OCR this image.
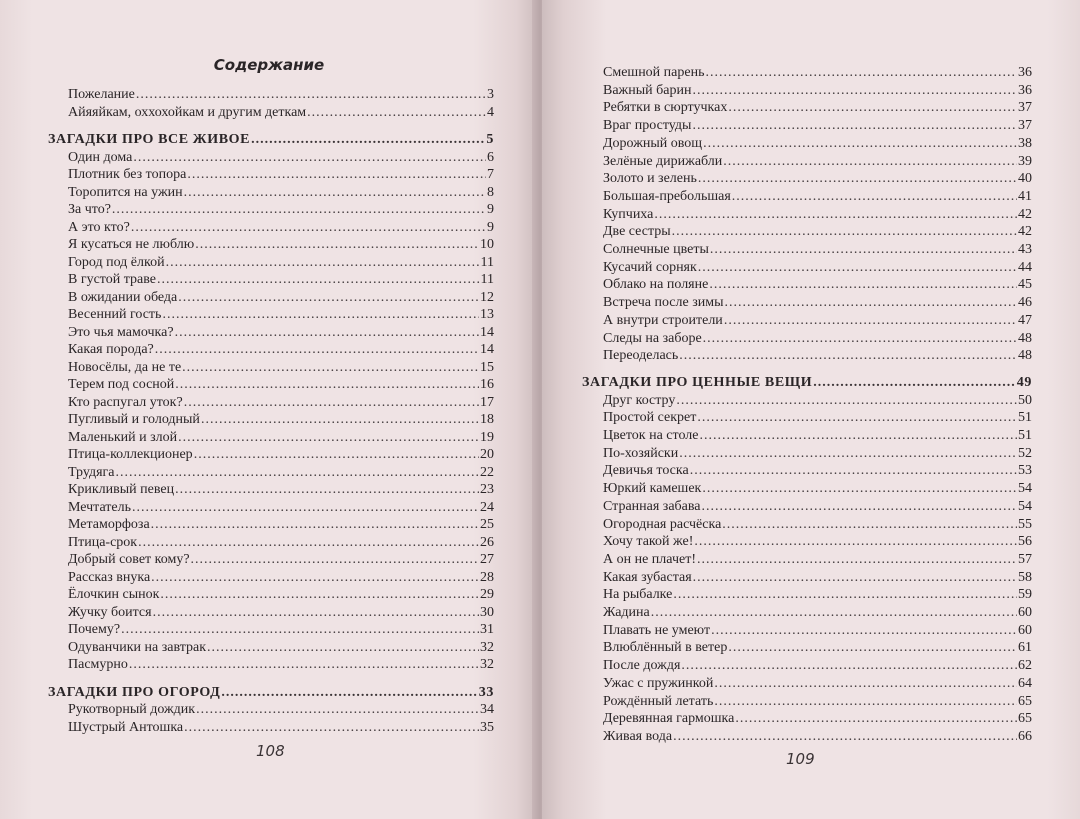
Содержание
Пожелание .....	3
Айяяйкам, оххохойкам и другим деткам .....	4
ЗАГАДКИ ПРО ВСЕ ЖИВОЕ .....	5
Один дома .....	6
Плотник без топора .....	7
Торопится на ужин .....	8
За что? .....	9
А это кто? .....	9
Я кусаться не люблю .....	10
Город под ёлкой .....	11
В густой траве .....	11
В ожидании обеда .....	12
Весенний гость .....	13
Это чья мамочка? .....	14
Какая порода? .....	14
Новосёлы, да не те .....	15
Терем под сосной .....	16
Кто распугал уток? .....	17
Пугливый и голодный .....	18
Маленький и злой .....	19
Птица-коллекционер .....	20
Трудяга .....	22
Крикливый певец .....	23
Мечтатель .....	24
Метаморфоза .....	25
Птица-срок .....	26
Добрый совет кому? .....	27
Рассказ внука .....	28
Ёлочкин сынок .....	29
Жучку боится .....	30
Почему? .....	31
Одуванчики на завтрак .....	32
Пасмурно .....	32
ЗАГАДКИ ПРО ОГОРОД .....	33
Рукотворный дождик .....	34
Шустрый Антошка .....	35
108
Смешной парень .....	36
Важный барин .....	36
Ребятки в сюртучках .....	37
Враг простуды .....	37
Дорожный овощ .....	38
Зелёные дирижабли .....	39
Золото и зелень .....	40
Большая-пребольшая .....	41
Купчиха .....	42
Две сестры .....	42
Солнечные цветы .....	43
Кусачий сорняк .....	44
Облако на поляне .....	45
Встреча после зимы .....	46
А внутри строители .....	47
Следы на заборе .....	48
Переоделась .....	48
ЗАГАДКИ ПРО ЦЕННЫЕ ВЕЩИ .....	49
Друг костру .....	50
Простой секрет .....	51
Цветок на столе .....	51
По-хозяйски .....	52
Девичья тоска .....	53
Юркий камешек .....	54
Странная забава .....	54
Огородная расчёска .....	55
Хочу такой же! .....	56
А он не плачет! .....	57
Какая зубастая .....	58
На рыбалке .....	59
Жадина .....	60
Плавать не умеют .....	60
Влюблённый в ветер .....	61
После дождя .....	62
Ужас с пружинкой .....	64
Рождённый летать .....	65
Деревянная гармошка .....	65
Живая вода .....	66
109
